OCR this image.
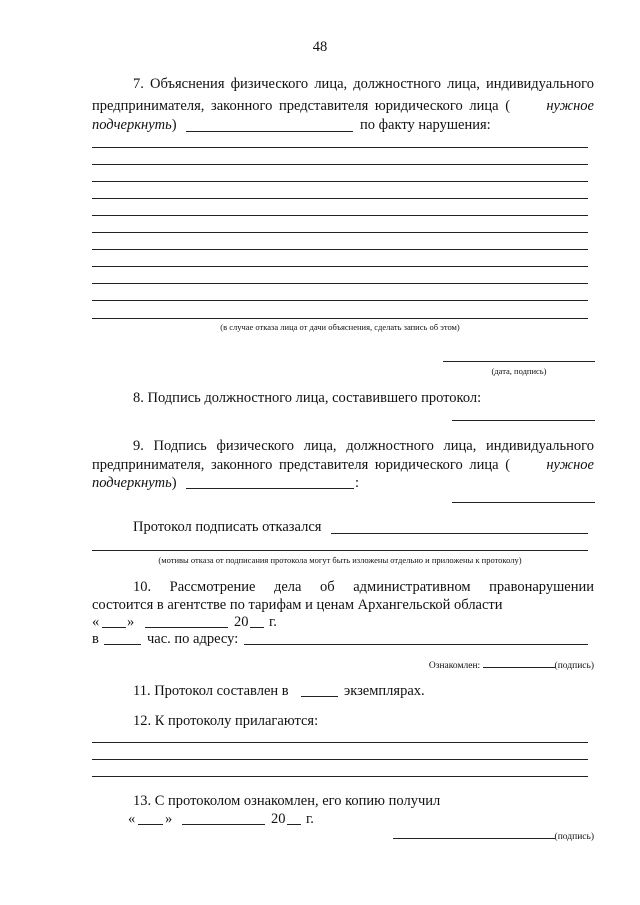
48
7. Объяснения физического лица, должностного лица, индивидуального
предпринимателя, законного представителя юридического лица (	нужное
подчеркнуть)	по факту нарушения:
(в случае отказа лица от дачи объяснения, сделать запись об этом)
(дата, подпись)
8. Подпись должностного лица, составившего протокол:
9. Подпись физического лица, должностного лица, индивидуального
предпринимателя, законного представителя юридического лица (	нужное
подчеркнуть)	:
Протокол подписать отказался
(мотивы отказа от подписания протокола могут быть изложены отдельно и приложены к протоколу)
10. Рассмотрение дела об административном правонарушении
состоится в агентстве по тарифам и ценам Архангельской области
« »	20 г.
в	час. по адресу:
Ознакомлен:	(подпись)
11. Протокол составлен в	экземплярах.
12. К протоколу прилагаются:
13. С протоколом ознакомлен, его копию получил
« »	20 г.
(подпись)
